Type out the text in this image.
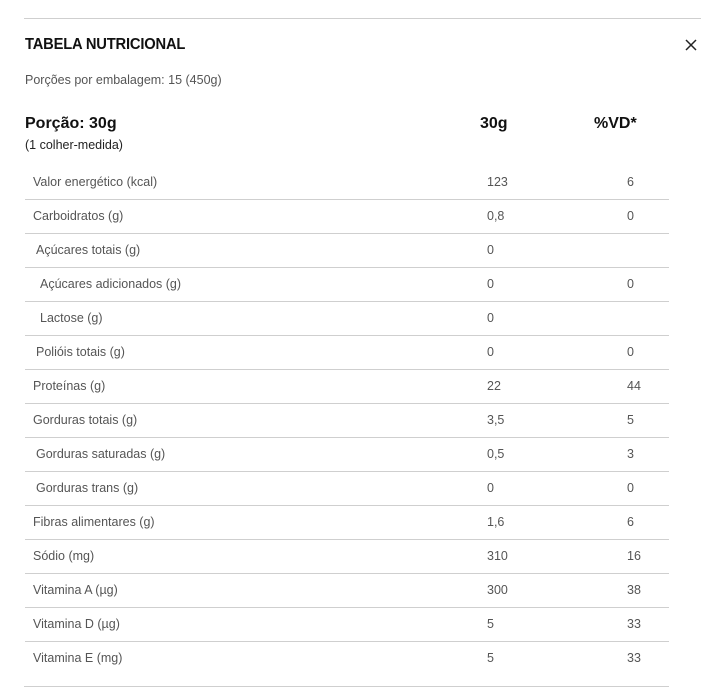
TABELA NUTRICIONAL
Porções por embalagem: 15 (450g)
Porção: 30g
(1 colher-medida)
30g	%VD*
Valor energético (kcal)	123	6
Carboidratos (g)	0,8	0
Açúcares totais (g)	0	
Açúcares adicionados (g)	0	0
Lactose (g)	0	
Polióis totais (g)	0	0
Proteínas (g)	22	44
Gorduras totais (g)	3,5	5
Gorduras saturadas (g)	0,5	3
Gorduras trans (g)	0	0
Fibras alimentares (g)	1,6	6
Sódio (mg)	310	16
Vitamina A (µg)	300	38
Vitamina D (µg)	5	33
Vitamina E (mg)	5	33
